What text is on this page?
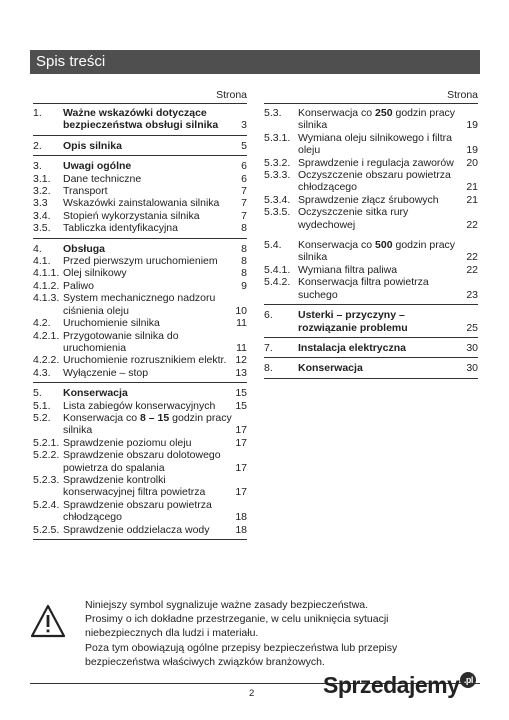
Spis treści
Strona
1.	Ważne wskazówki dotyczące bezpieczeństwa obsługi silnika	3
2.	Opis silnika	5
3.	Uwagi ogólne	6
3.1.	Dane techniczne	6
3.2.	Transport	7
3.3	Wskazówki zainstalowania silnika	7
3.4.	Stopień wykorzystania silnika	7
3.5.	Tabliczka identyfikacyjna	8
4.	Obsługa	8
4.1.	Przed pierwszym uruchomieniem	8
4.1.1. Olej silnikowy	8
4.1.2. Paliwo	9
4.1.3. System mechanicznego nadzoru ciśnienia oleju	10
4.2.	Uruchomienie silnika	11
4.2.1. Przygotowanie silnika do uruchomienia	11
4.2.2. Uruchomienie rozrusznikiem elektr. 12
4.3.	Wyłączenie – stop	13
5.	Konserwacja	15
5.1.	Lista zabiegów konserwacyjnych	15
5.2.	Konserwacja co 8 – 15 godzin pracy silnika	17
5.2.1. Sprawdzenie poziomu oleju	17
5.2.2. Sprawdzenie obszaru dolotowego powietrza do spalania	17
5.2.3. Sprawdzenie kontrolki konserwacyjnej filtra powietrza	17
5.2.4. Sprawdzenie obszaru powietrza chłodzącego	18
5.2.5. Sprawdzenie oddzielacza wody	18
Strona
5.3.	Konserwacja co 250 godzin pracy silnika	19
5.3.1. Wymiana oleju silnikowego i filtra oleju	19
5.3.2. Sprawdzenie i regulacja zaworów	20
5.3.3. Oczyszczenie obszaru powietrza chłodzącego	21
5.3.4. Sprawdzenie złącz śrubowych	21
5.3.5. Oczyszczenie sitka rury wydechowej	22
5.4.	Konserwacja co 500 godzin pracy silnika	22
5.4.1. Wymiana filtra paliwa	22
5.4.2. Konserwacja filtra powietrza suchego	23
6.	Usterki – przyczyny – rozwiązanie problemu	25
7.	Instalacja elektryczna	30
8.	Konserwacja	30
Niniejszy symbol sygnalizuje ważne zasady bezpieczeństwa.
Prosimy o ich dokładne przestrzeganie, w celu uniknięcia sytuacji
niebezpiecznych dla ludzi i materiału.
Poza tym obowiązują ogólne przepisy bezpieczeństwa lub przepisy
bezpieczeństwa właściwych związków branżowych.
2	Sprzedajemy .pl
